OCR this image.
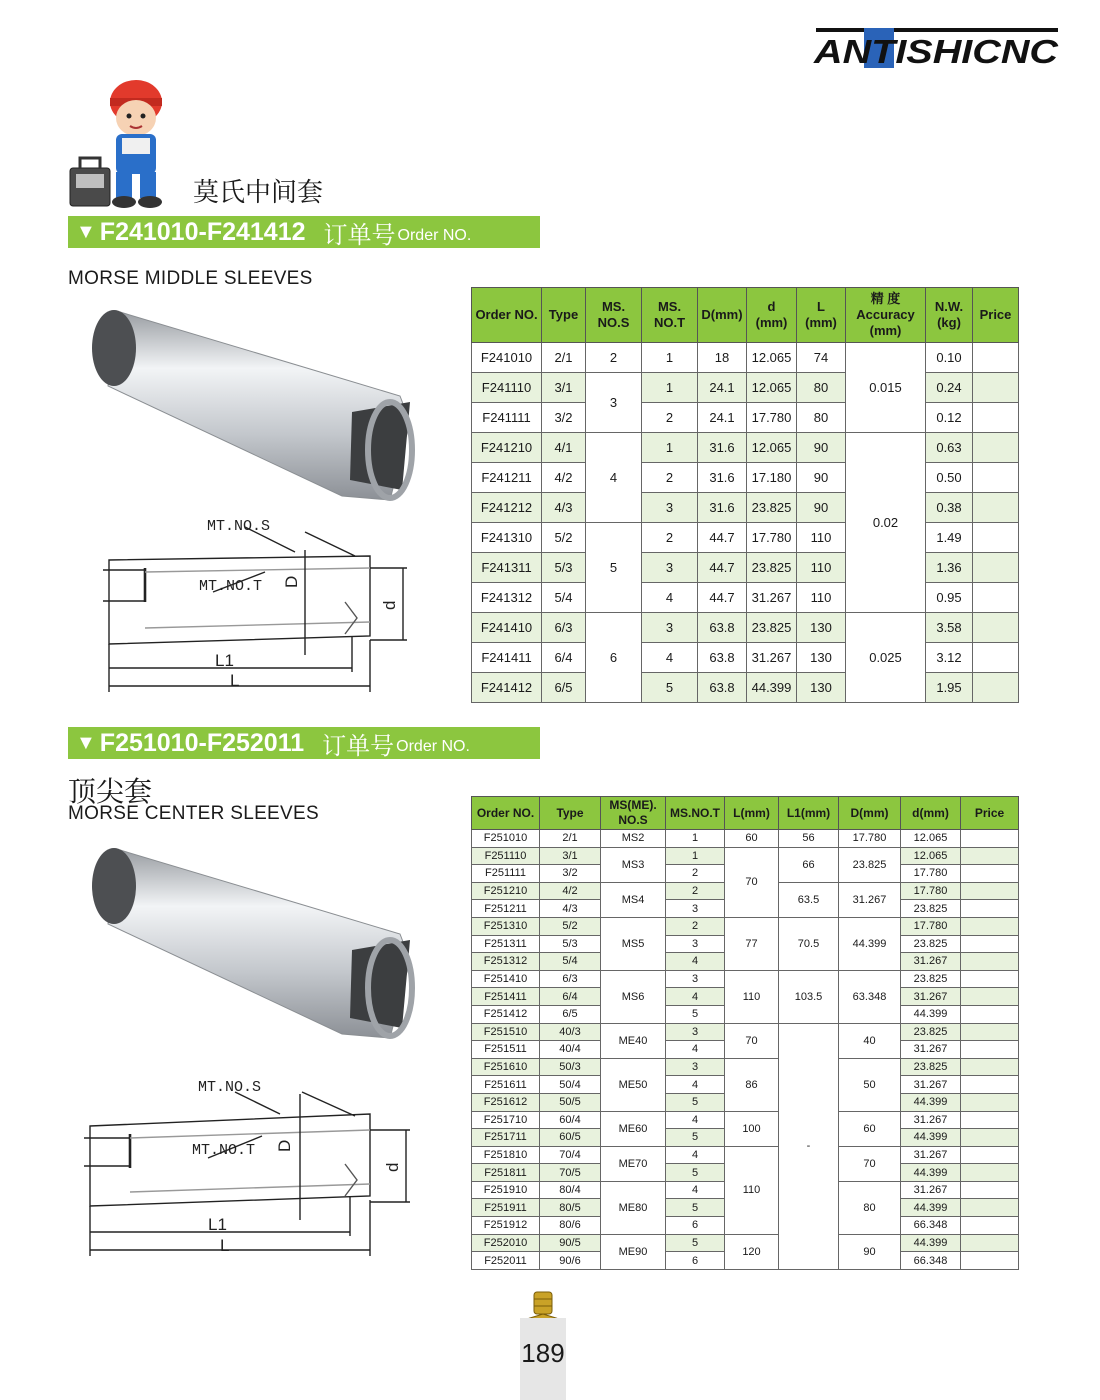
ANTISHICNC
莫氏中间套
▼ F241010-F241412 订单号 Order NO.
MORSE MIDDLE SLEEVES
MT.NO.S
MT.NO.T D
d
L1
L
Order NO.	Type	MS.
NO.S	MS.
NO.T	D(mm)	d
(mm)	L
(mm)	精 度
Accuracy
(mm)	N.W.
(kg)	Price
F241010	2/1	2	1	18	12.065	74	0.015	0.10	
F241110	3/1	3	1	24.1	12.065	80		0.24	
F241111	3/2		2	24.1	17.780	80		0.12	
F241210	4/1	4	1	31.6	12.065	90	0.02	0.63	
F241211	4/2		2	31.6	17.180	90		0.50	
F241212	4/3		3	31.6	23.825	90		0.38	
F241310	5/2	5	2	44.7	17.780	110		1.49	
F241311	5/3		3	44.7	23.825	110		1.36	
F241312	5/4		4	44.7	31.267	110		0.95	
F241410	6/3	6	3	63.8	23.825	130	0.025	3.58	
F241411	6/4		4	63.8	31.267	130		3.12	
F241412	6/5		5	63.8	44.399	130		1.95	
▼ F251010-F252011 订单号 Order NO.
顶尖套
MORSE CENTER SLEEVES
MT.NO.S
MT.NO.T D
d
L1
L
Order NO.	Type	MS(ME).
NO.S	MS.NO.T	L(mm)	L1(mm)	D(mm)	d(mm)	Price
F251010	2/1	MS2	1	60	56	17.780	12.065	
F251110	3/1	MS3	1	70	66	23.825	12.065	
F251111	3/2		2				17.780	
F251210	4/2	MS4	2		63.5	31.267	17.780	
F251211	4/3		3				23.825	
F251310	5/2	MS5	2	77	70.5	44.399	17.780	
F251311	5/3		3				23.825	
F251312	5/4		4				31.267	
F251410	6/3	MS6	3	110	103.5	63.348	23.825	
F251411	6/4		4				31.267	
F251412	6/5		5				44.399	
F251510	40/3	ME40	3	70	-	40	23.825	
F251511	40/4		4				31.267	
F251610	50/3	ME50	3	86		50	23.825	
F251611	50/4		4				31.267	
F251612	50/5		5				44.399	
F251710	60/4	ME60	4	100		60	31.267	
F251711	60/5		5				44.399	
F251810	70/4	ME70	4	110		70	31.267	
F251811	70/5		5				44.399	
F251910	80/4	ME80	4			80	31.267	
F251911	80/5		5				44.399	
F251912	80/6		6				66.348	
F252010	90/5	ME90	5	120		90	44.399	
F252011	90/6		6				66.348	
189
